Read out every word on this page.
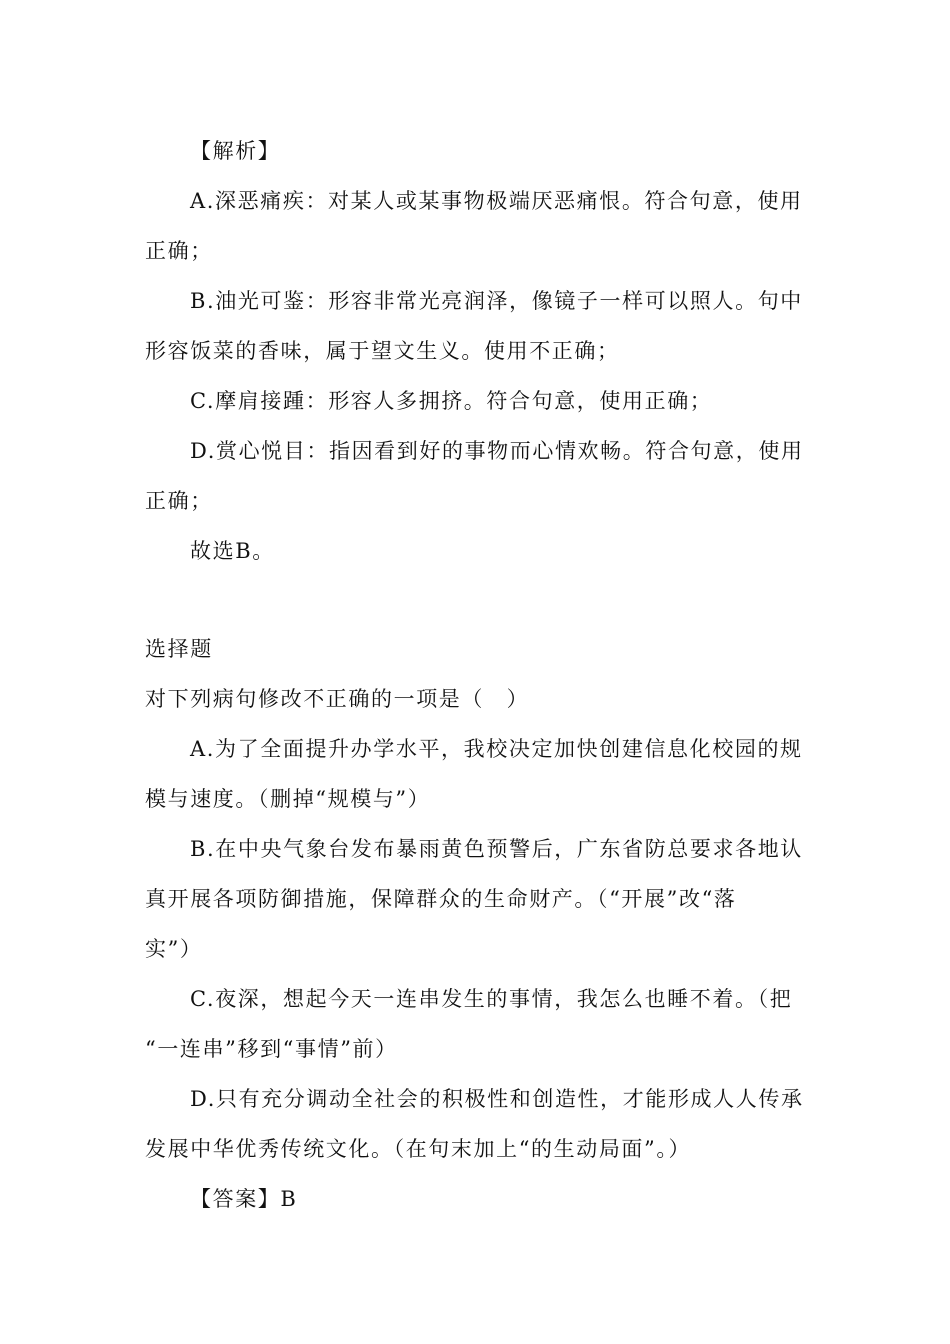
【解析】
A.深恶痛疾：对某人或某事物极端厌恶痛恨。符合句意，使用
正确；
B.油光可鉴：形容非常光亮润泽，像镜子一样可以照人。句中
形容饭菜的香味，属于望文生义。使用不正确；
C.摩肩接踵：形容人多拥挤。符合句意，使用正确；
D.赏心悦目：指因看到好的事物而心情欢畅。符合句意，使用
正确；
故选B。
选择题
对下列病句修改不正确的一项是（　）
A.为了全面提升办学水平，我校决定加快创建信息化校园的规
模与速度。（删掉“规模与”）
B.在中央气象台发布暴雨黄色预警后，广东省防总要求各地认
真开展各项防御措施，保障群众的生命财产。（“开展”改“落
实”）
C.夜深，想起今天一连串发生的事情，我怎么也睡不着。（把
“一连串”移到“事情”前）
D.只有充分调动全社会的积极性和创造性，才能形成人人传承
发展中华优秀传统文化。（在句末加上“的生动局面”。）
【答案】B
